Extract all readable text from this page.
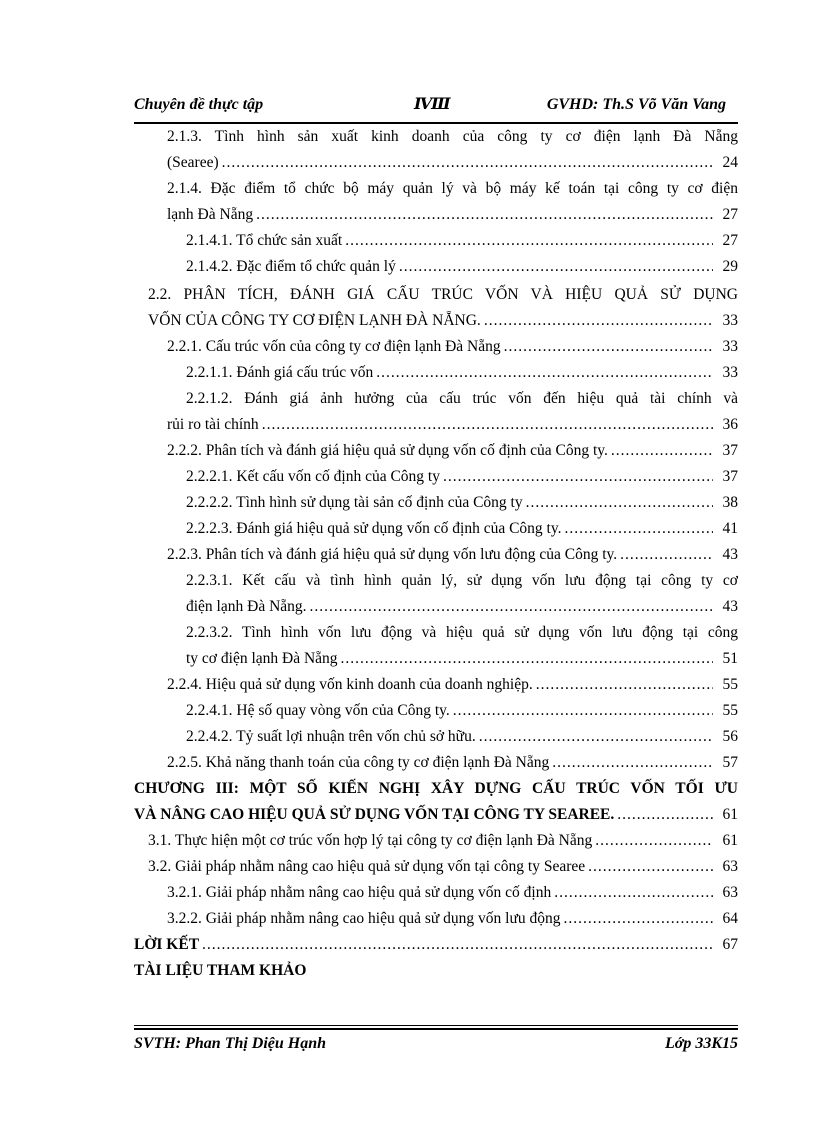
Chuyên đề thực tập	ⅣⅢ	GVHD: Th.S Võ Văn Vang
2.1.3. Tình hình sản xuất kinh doanh của công ty cơ điện lạnh Đà Nẵng
(Searee) .....	24
2.1.4. Đặc điểm tổ chức bộ máy quản lý và bộ máy kế toán tại công ty cơ điện
lạnh Đà Nẵng .....	27
2.1.4.1. Tổ chức sản xuất .....	27
2.1.4.2. Đặc điểm tổ chức quản lý .....	29
2.2. PHÂN TÍCH, ĐÁNH GIÁ CẤU TRÚC VỐN VÀ HIỆU QUẢ SỬ DỤNG
VỐN CỦA CÔNG TY CƠ ĐIỆN LẠNH ĐÀ NẴNG. .....	33
2.2.1. Cấu trúc vốn của công ty cơ điện lạnh Đà Nẵng .....	33
2.2.1.1. Đánh giá cấu trúc vốn .....	33
2.2.1.2. Đánh giá ảnh hưởng của cấu trúc vốn đến hiệu quả tài chính và
rủi ro tài chính .....	36
2.2.2. Phân tích và đánh giá hiệu quả sử dụng vốn cố định của Công ty. .....	37
2.2.2.1. Kết cấu vốn cố định của Công ty .....	37
2.2.2.2. Tình hình sử dụng tài sản cố định của Công ty .....	38
2.2.2.3. Đánh giá hiệu quả sử dụng vốn cố định của Công ty. .....	41
2.2.3. Phân tích và đánh giá hiệu quả sử dụng vốn lưu động của Công ty. .....	43
2.2.3.1. Kết cấu và tình hình quản lý, sử dụng vốn lưu động tại công ty cơ
điện lạnh Đà Nẵng. .....	43
2.2.3.2. Tình hình vốn lưu động và hiệu quả sử dụng vốn lưu động tại công
ty cơ điện lạnh Đà Nẵng .....	51
2.2.4. Hiệu quả sử dụng vốn kinh doanh của doanh nghiệp. .....	55
2.2.4.1. Hệ số quay vòng vốn của Công ty. .....	55
2.2.4.2. Tỷ suất lợi nhuận trên vốn chủ sở hữu. .....	56
2.2.5. Khả năng thanh toán của công ty cơ điện lạnh Đà Nẵng .....	57
CHƯƠNG III: MỘT SỐ KIẾN NGHỊ XÂY DỰNG CẤU TRÚC VỐN TỐI ƯU
VÀ NÂNG CAO HIỆU QUẢ SỬ DỤNG VỐN TẠI CÔNG TY SEAREE. .....	61
3.1. Thực hiện một cơ trúc vốn hợp lý tại công ty cơ điện lạnh Đà Nẵng .....	61
3.2. Giải pháp nhằm nâng cao hiệu quả sử dụng vốn tại công ty Searee .....	63
3.2.1. Giải pháp nhằm nâng cao hiệu quả sử dụng vốn cố định .....	63
3.2.2. Giải pháp nhằm nâng cao hiệu quả sử dụng vốn lưu động .....	64
LỜI KẾT .....	67
TÀI LIỆU THAM KHẢO
SVTH: Phan Thị Diệu Hạnh	Lớp 33K15
